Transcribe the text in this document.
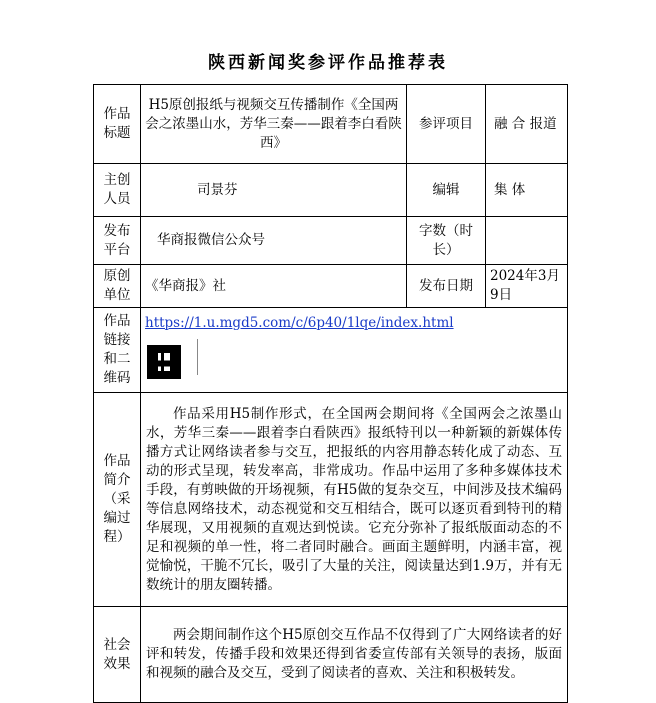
陕西新闻奖参评作品推荐表
作品标题	H5原创报纸与视频交互传播制作《全国两会之浓墨山水，芳华三秦——跟着李白看陕西》	参评项目	融 合 报道
主创人员	司景芬	编辑	集 体
发布平台	华商报微信公众号	字数（时长）	
原创单位	《华商报》社	发布日期	2024年3月9日
作品链接和二维码	https://1.u.mgd5.com/c/6p40/1lqe/index.html		

作品简介（采编过程）	作品采用H5制作形式，在全国两会期间将《全国两会之浓墨山水，芳华三秦——跟着李白看陕西》报纸特刊以一种新颖的新媒体传播方式让网络读者参与交互，把报纸的内容用静态转化成了动态、互动的形式呈现，转发率高，非常成功。作品中运用了多种多媒体技术手段，有剪映做的开场视频，有H5做的复杂交互，中间涉及技术编码等信息网络技术，动态视觉和交互相结合，既可以逐页看到特刊的精华展现，又用视频的直观达到悦读。它充分弥补了报纸版面动态的不足和视频的单一性，将二者同时融合。画面主题鲜明，内涵丰富，视觉愉悦，干脆不冗长，吸引了大量的关注，阅读量达到1.9万，并有无数统计的朋友圈转播。		
社会效果	两会期间制作这个H5原创交互作品不仅得到了广大网络读者的好评和转发，传播手段和效果还得到省委宣传部有关领导的表扬，版面和视频的融合及交互，受到了阅读者的喜欢、关注和积极转发。		
